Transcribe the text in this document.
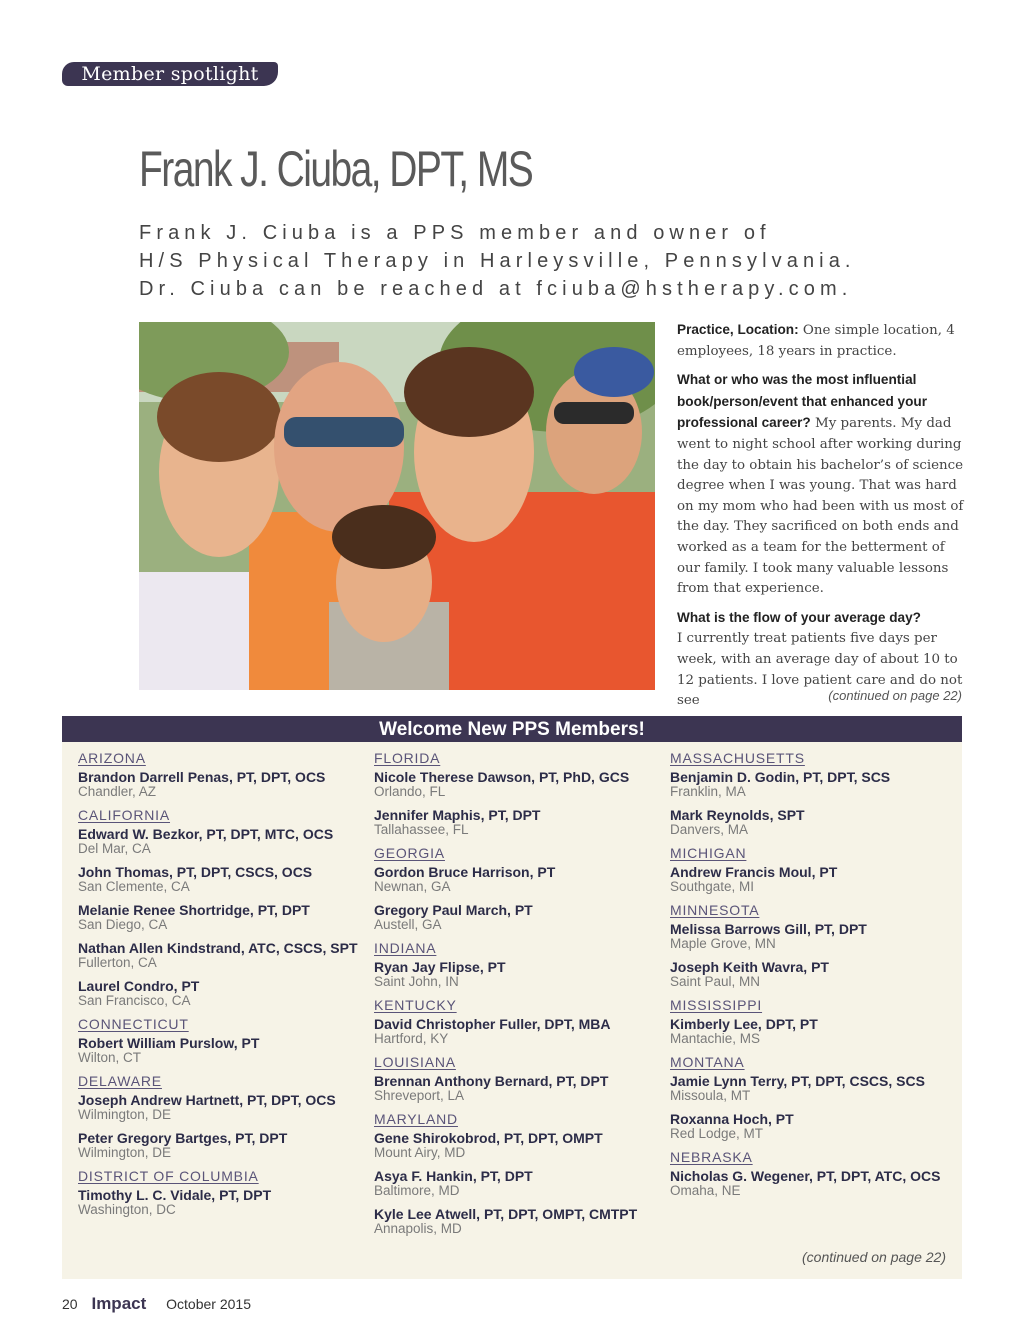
Member spotlight
Frank J. Ciuba, DPT, MS
Frank J. Ciuba is a PPS member and owner of
H/S Physical Therapy in Harleysville, Pennsylvania.
Dr. Ciuba can be reached at fciuba@hstherapy.com.

Practice, Location: One simple location, 4 employees, 18 years in practice.

What or who was the most influential book/person/event that enhanced your professional career? My parents. My dad went to night school after working during the day to obtain his bachelor’s of science degree when I was young. That was hard on my mom who had been with us most of the day. They sacrificed on both ends and worked as a team for the betterment of our family. I took many valuable lessons from that experience.

What is the flow of your average day?
I currently treat patients five days per week, with an average day of about 10 to 12 patients. I love patient care and do not see	(continued on page 22)
Welcome New PPS Members!
ARIZONA
Brandon Darrell Penas, PT, DPT, OCS
Chandler, AZ
CALIFORNIA
Edward W. Bezkor, PT, DPT, MTC, OCS
Del Mar, CA
John Thomas, PT, DPT, CSCS, OCS
San Clemente, CA
Melanie Renee Shortridge, PT, DPT
San Diego, CA
Nathan Allen Kindstrand, ATC, CSCS, SPT
Fullerton, CA
Laurel Condro, PT
San Francisco, CA
CONNECTICUT
Robert William Purslow, PT
Wilton, CT
DELAWARE
Joseph Andrew Hartnett, PT, DPT, OCS
Wilmington, DE
Peter Gregory Bartges, PT, DPT
Wilmington, DE
DISTRICT OF COLUMBIA
Timothy L. C. Vidale, PT, DPT
Washington, DC
FLORIDA
Nicole Therese Dawson, PT, PhD, GCS
Orlando, FL
Jennifer Maphis, PT, DPT
Tallahassee, FL
GEORGIA
Gordon Bruce Harrison, PT
Newnan, GA
Gregory Paul March, PT
Austell, GA
INDIANA
Ryan Jay Flipse, PT
Saint John, IN
KENTUCKY
David Christopher Fuller, DPT, MBA
Hartford, KY
LOUISIANA
Brennan Anthony Bernard, PT, DPT
Shreveport, LA
MARYLAND
Gene Shirokobrod, PT, DPT, OMPT
Mount Airy, MD
Asya F. Hankin, PT, DPT
Baltimore, MD
Kyle Lee Atwell, PT, DPT, OMPT, CMTPT
Annapolis, MD
MASSACHUSETTS
Benjamin D. Godin, PT, DPT, SCS
Franklin, MA
Mark Reynolds, SPT
Danvers, MA
MICHIGAN
Andrew Francis Moul, PT
Southgate, MI
MINNESOTA
Melissa Barrows Gill, PT, DPT
Maple Grove, MN
Joseph Keith Wavra, PT
Saint Paul, MN
MISSISSIPPI
Kimberly Lee, DPT, PT
Mantachie, MS
MONTANA
Jamie Lynn Terry, PT, DPT, CSCS, SCS
Missoula, MT
Roxanna Hoch, PT
Red Lodge, MT
NEBRASKA
Nicholas G. Wegener, PT, DPT, ATC, OCS
Omaha, NE
(continued on page 22)
20 Impact October 2015
